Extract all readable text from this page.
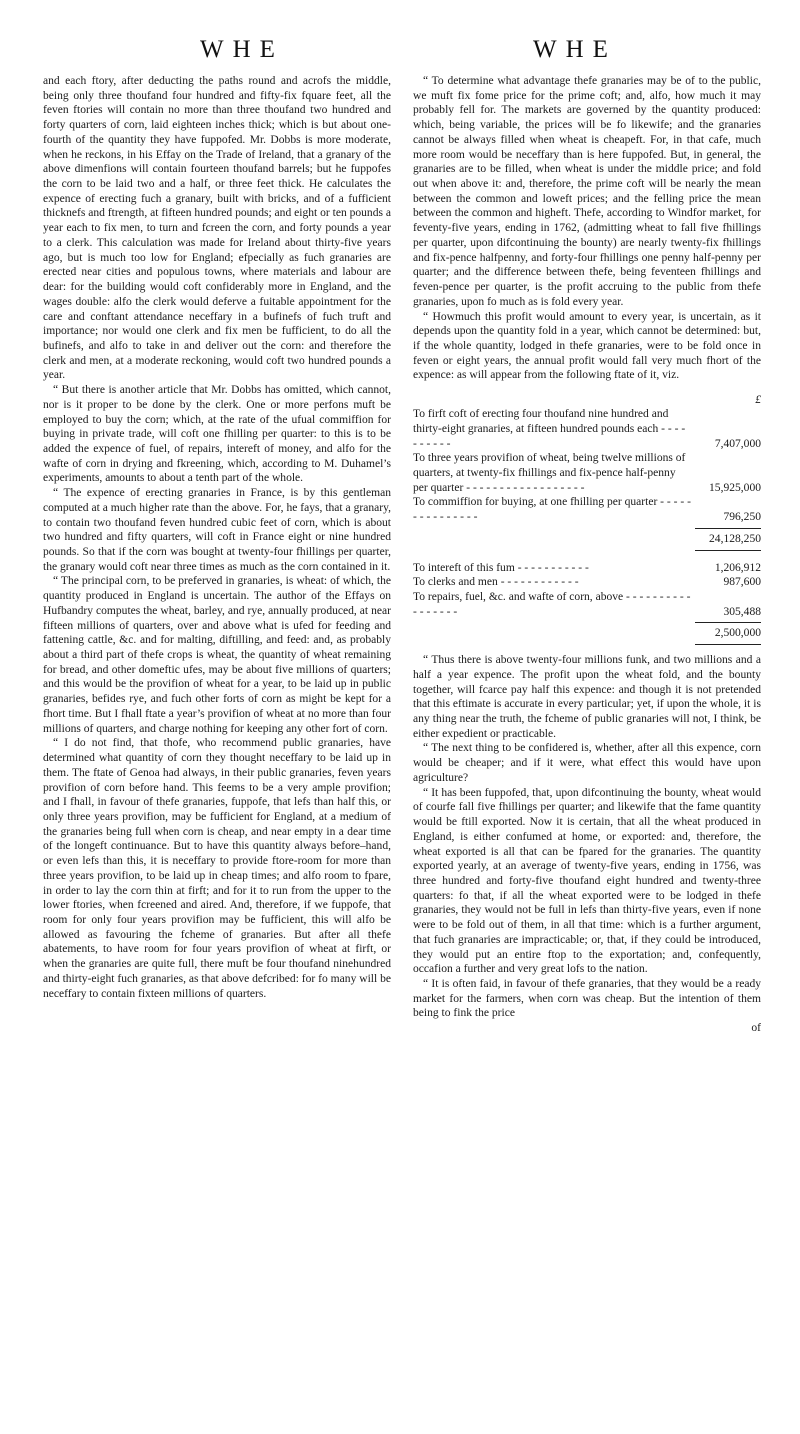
WHE	WHE

and each ftory, after deducting the paths round and acrofs the middle, being only three thoufand four hundred and fifty-fix fquare feet, all the feven ftories will contain no more than three thoufand two hundred and forty quarters of corn, laid eighteen inches thick; which is but about one-fourth of the quantity they have fuppofed. Mr. Dobbs is more moderate, when he reckons, in his Effay on the Trade of Ireland, that a granary of the above dimenfions will contain fourteen thoufand barrels; but he fuppofes the corn to be laid two and a half, or three feet thick. He calculates the expence of erecting fuch a granary, built with bricks, and of a fufficient thicknefs and ftrength, at fifteen hundred pounds; and eight or ten pounds a year each to fix men, to turn and fcreen the corn, and forty pounds a year to a clerk. This calculation was made for Ireland about thirty-five years ago, but is much too low for England; efpecially as fuch granaries are erected near cities and populous towns, where materials and labour are dear: for the building would coft confiderably more in England, and the wages double: alfo the clerk would deferve a fuitable appointment for the care and conftant attendance neceffary in a bufinefs of fuch truft and importance; nor would one clerk and fix men be fufficient, to do all the bufinefs, and alfo to take in and deliver out the corn: and therefore the clerk and men, at a moderate reckoning, would coft two hundred pounds a year.

“ But there is another article that Mr. Dobbs has omitted, which cannot, nor is it proper to be done by the clerk. One or more perfons muft be employed to buy the corn; which, at the rate of the ufual commiffion for buying in private trade, will coft one fhilling per quarter: to this is to be added the expence of fuel, of repairs, intereft of money, and alfo for the wafte of corn in drying and fkreening, which, according to M. Duhamel’s experiments, amounts to about a tenth part of the whole.

“ The expence of erecting granaries in France, is by this gentleman computed at a much higher rate than the above. For, he fays, that a granary, to contain two thoufand feven hundred cubic feet of corn, which is about two hundred and fifty quarters, will coft in France eight or nine hundred pounds. So that if the corn was bought at twenty-four fhillings per quarter, the granary would coft near three times as much as the corn contained in it.

“ The principal corn, to be preferved in granaries, is wheat: of which, the quantity produced in England is uncertain. The author of the Effays on Hufbandry computes the wheat, barley, and rye, annually produced, at near fifteen millions of quarters, over and above what is ufed for feeding and fattening cattle, &c. and for malting, diftilling, and feed: and, as probably about a third part of thefe crops is wheat, the quantity of wheat remaining for bread, and other domeftic ufes, may be about five millions of quarters; and this would be the provifion of wheat for a year, to be laid up in public granaries, befides rye, and fuch other forts of corn as might be kept for a fhort time. But I fhall ftate a year’s provifion of wheat at no more than four millions of quarters, and charge nothing for keeping any other fort of corn.

“ I do not find, that thofe, who recommend public granaries, have determined what quantity of corn they thought neceffary to be laid up in them. The ftate of Genoa had always, in their public granaries, feven years provifion of corn before hand. This feems to be a very ample provifion; and I fhall, in favour of thefe granaries, fuppofe, that lefs than half this, or only three years provifion, may be fufficient for England, at a medium of the granaries being full when corn is cheap, and near empty in a dear time of the longeft continuance. But to have this quantity always before–hand, or even lefs than this, it is neceffary to provide ftore-room for more than three years provifion, to be laid up in cheap times; and alfo room to fpare, in order to lay the corn thin at firft; and for it to run from the upper to the lower ftories, when fcreened and aired. And, therefore, if we fuppofe, that room for only four years provifion may be fufficient, this will alfo be allowed as favouring the fcheme of granaries. But after all thefe abatements, to have room for four years provifion of wheat at firft, or when the granaries are quite full, there muft be four thoufand ninehundred and thirty-eight fuch granaries, as that above defcribed: for fo many will be neceffary to contain fixteen millions of quarters.

“ To determine what advantage thefe granaries may be of to the public, we muft fix fome price for the prime coft; and, alfo, how much it may probably fell for. The markets are governed by the quantity produced: which, being variable, the prices will be fo likewife; and the granaries cannot be always filled when wheat is cheapeft. For, in that cafe, much more room would be neceffary than is here fuppofed. But, in general, the granaries are to be filled, when wheat is under the middle price; and fold out when above it: and, therefore, the prime coft will be nearly the mean between the common and loweft prices; and the felling price the mean between the common and higheft. Thefe, according to Windfor market, for feventy-five years, ending in 1762, (admitting wheat to fall five fhillings per quarter, upon difcontinuing the bounty) are nearly twenty-fix fhillings and fix-pence halfpenny, and forty-four fhillings one penny half-penny per quarter; and the difference between thefe, being feventeen fhillings and feven-pence per quarter, is the profit accruing to the public from thefe granaries, upon fo much as is fold every year.

“ Howmuch this profit would amount to every year, is uncertain, as it depends upon the quantity fold in a year, which cannot be determined: but, if the whole quantity, lodged in thefe granaries, were to be fold once in feven or eight years, the annual profit would fall very much fhort of the expence: as will appear from the following ftate of it, viz.

£
To firft coft of erecting four thoufand nine hundred and thirty-eight granaries, at fifteen hundred pounds each - - - - - - - - - -	7,407,000
To three years provifion of wheat, being twelve millions of quarters, at twenty-fix fhillings and fix-pence half-penny per quarter - - - - - - - - - - - - - - - - - -	15,925,000
To commiffion for buying, at one fhilling per quarter - - - - - - - - - - - - - - -	796,250

24,128,250

To intereft of this fum - - - - - - - - - - -	1,206,912
To clerks and men - - - - - - - - - - - -	987,600
To repairs, fuel, &c. and wafte of corn, above - - - - - - - - - - - - - - - - -	305,488

2,500,000

“ Thus there is above twenty-four millions funk, and two millions and a half a year expence. The profit upon the wheat fold, and the bounty together, will fcarce pay half this expence: and though it is not pretended that this eftimate is accurate in every particular; yet, if upon the whole, it is any thing near the truth, the fcheme of public granaries will not, I think, be either expedient or practicable.

“ The next thing to be confidered is, whether, after all this expence, corn would be cheaper; and if it were, what effect this would have upon agriculture?

“ It has been fuppofed, that, upon difcontinuing the bounty, wheat would of courfe fall five fhillings per quarter; and likewife that the fame quantity would be ftill exported. Now it is certain, that all the wheat produced in England, is either confumed at home, or exported: and, therefore, the wheat exported is all that can be fpared for the granaries. The quantity exported yearly, at an average of twenty-five years, ending in 1756, was three hundred and forty-five thoufand eight hundred and twenty-three quarters: fo that, if all the wheat exported were to be lodged in thefe granaries, they would not be full in lefs than thirty-five years, even if none were to be fold out of them, in all that time: which is a further argument, that fuch granaries are impracticable; or, that, if they could be introduced, they would put an entire ftop to the exportation; and, confequently, occafion a further and very great lofs to the nation.

“ It is often faid, in favour of thefe granaries, that they would be a ready market for the farmers, when corn was cheap. But the intention of them being to fink the price

of
